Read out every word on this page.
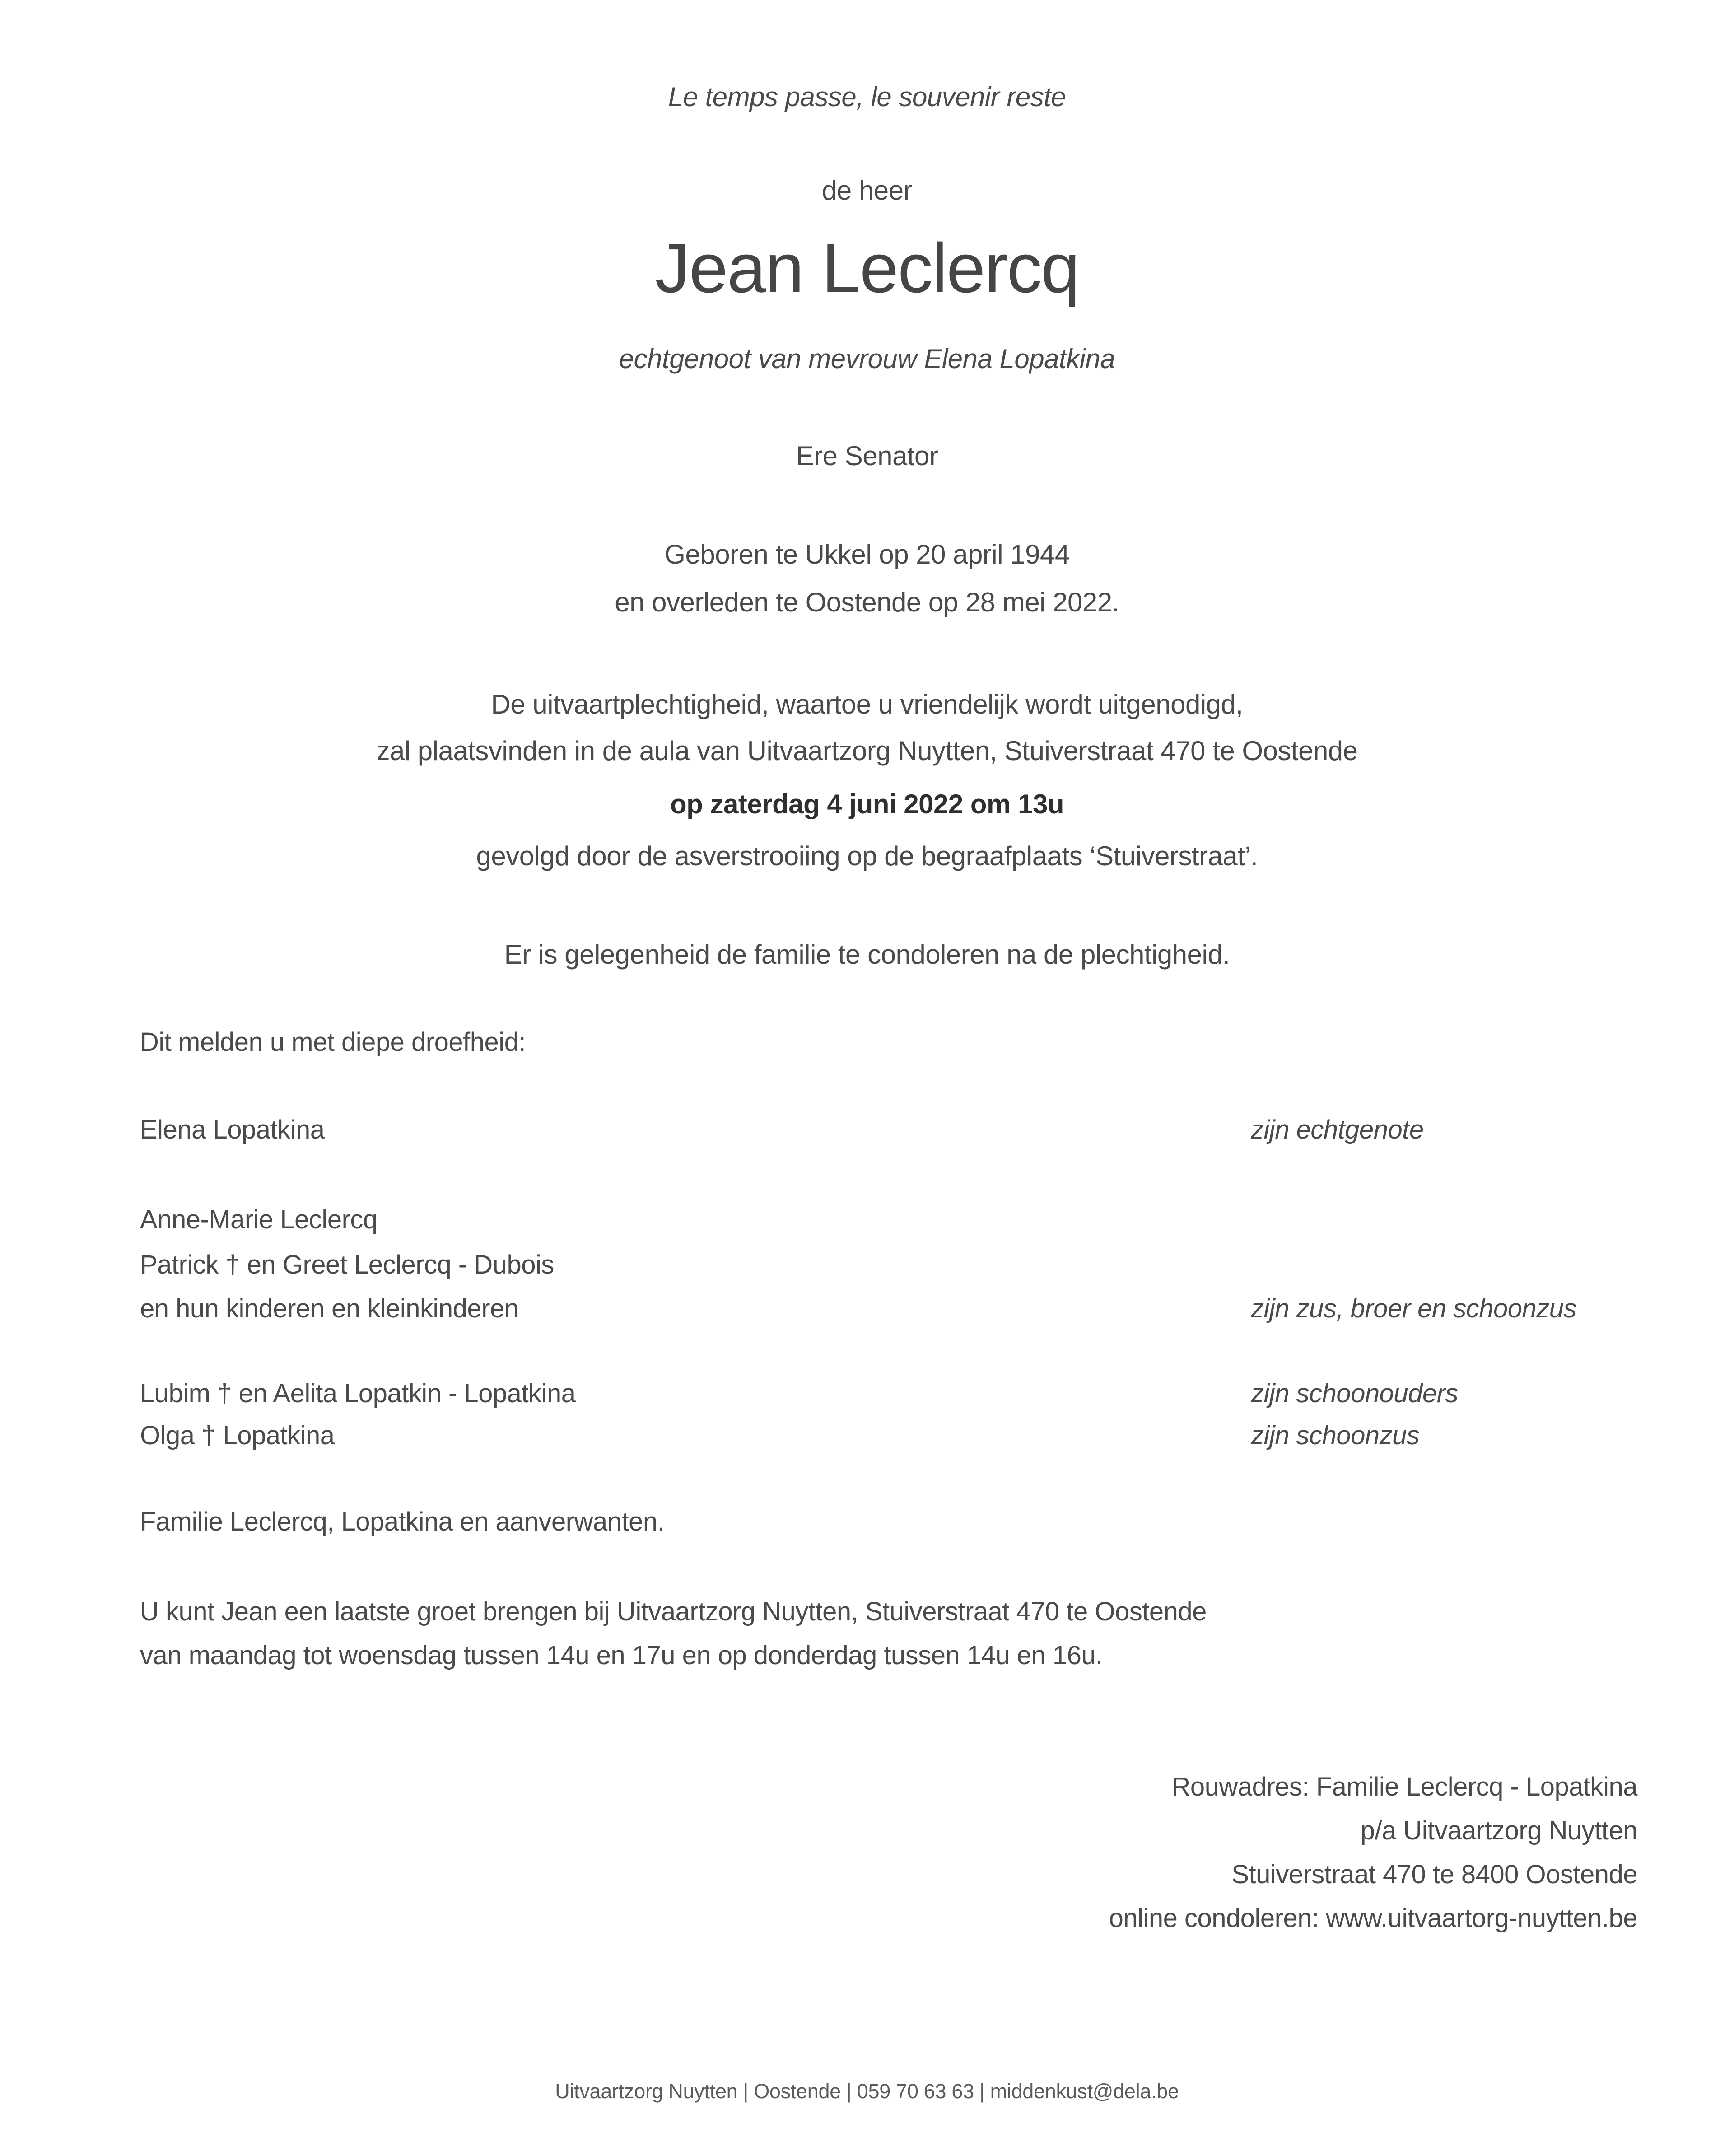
Le temps passe, le souvenir reste
de heer
Jean Leclercq
echtgenoot van mevrouw Elena Lopatkina
Ere Senator
Geboren te Ukkel op 20 april 1944
en overleden te Oostende op 28 mei 2022.
De uitvaartplechtigheid, waartoe u vriendelijk wordt uitgenodigd,
zal plaatsvinden in de aula van Uitvaartzorg Nuytten, Stuiverstraat 470 te Oostende
op zaterdag 4 juni 2022 om 13u
gevolgd door de asverstrooiing op de begraafplaats ‘Stuiverstraat’.
Er is gelegenheid de familie te condoleren na de plechtigheid.
Dit melden u met diepe droefheid:
Elena Lopatkina	zijn echtgenote
Anne-Marie Leclercq
Patrick † en Greet Leclercq - Dubois
en hun kinderen en kleinkinderen	zijn zus, broer en schoonzus
Lubim † en Aelita Lopatkin - Lopatkina	zijn schoonouders
Olga † Lopatkina	zijn schoonzus
Familie Leclercq, Lopatkina en aanverwanten.
U kunt Jean een laatste groet brengen bij Uitvaartzorg Nuytten, Stuiverstraat 470 te Oostende
van maandag tot woensdag tussen 14u en 17u en op donderdag tussen 14u en 16u.
Rouwadres: Familie Leclercq - Lopatkina
p/a Uitvaartzorg Nuytten
Stuiverstraat 470 te 8400 Oostende
online condoleren: www.uitvaartorg-nuytten.be
Uitvaartzorg Nuytten | Oostende | 059 70 63 63 | middenkust@dela.be
